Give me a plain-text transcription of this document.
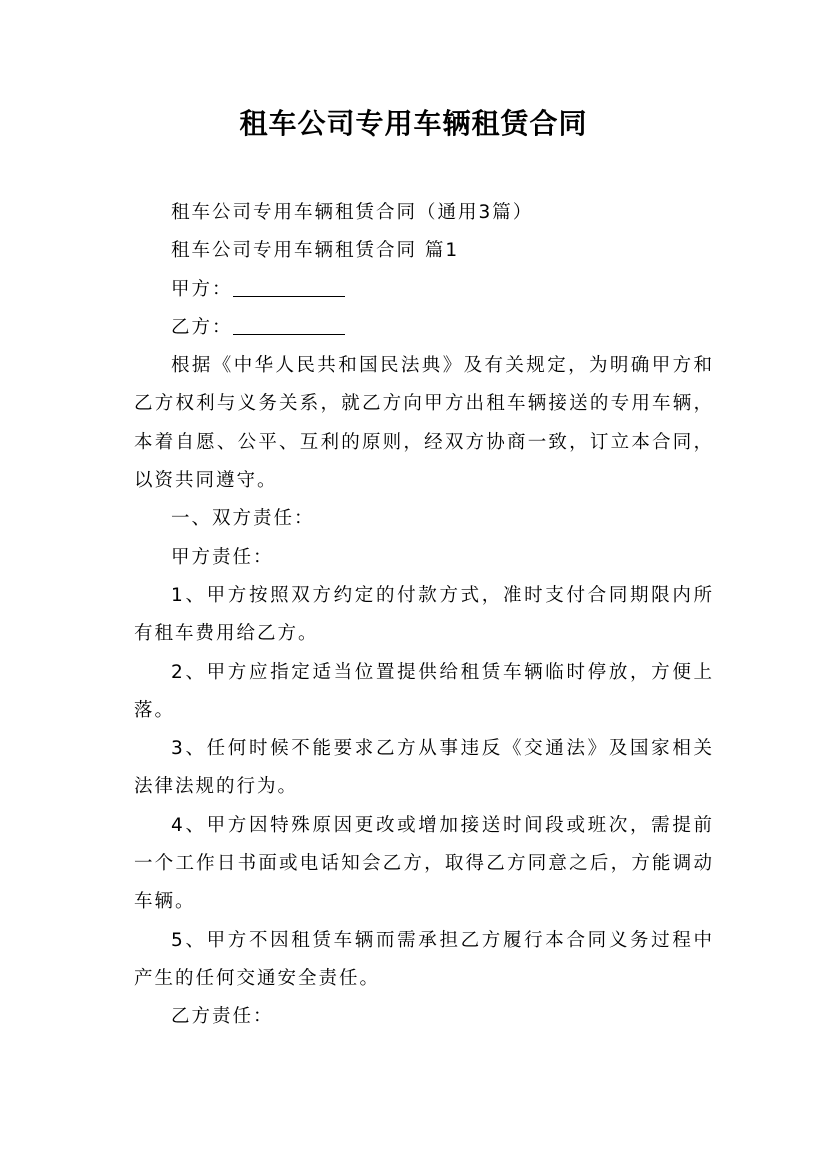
租车公司专用车辆租赁合同

租车公司专用车辆租赁合同（通用3篇）

租车公司专用车辆租赁合同 篇1

甲方：

乙方：

根据《中华人民共和国民法典》及有关规定，为明确甲方和乙方权利与义务关系，就乙方向甲方出租车辆接送的专用车辆，本着自愿、公平、互利的原则，经双方协商一致，订立本合同，以资共同遵守。

一、双方责任：

甲方责任：

1、甲方按照双方约定的付款方式，准时支付合同期限内所有租车费用给乙方。

2、甲方应指定适当位置提供给租赁车辆临时停放，方便上落。

3、任何时候不能要求乙方从事违反《交通法》及国家相关法律法规的行为。

4、甲方因特殊原因更改或增加接送时间段或班次，需提前一个工作日书面或电话知会乙方，取得乙方同意之后，方能调动车辆。

5、甲方不因租赁车辆而需承担乙方履行本合同义务过程中产生的任何交通安全责任。

乙方责任：
